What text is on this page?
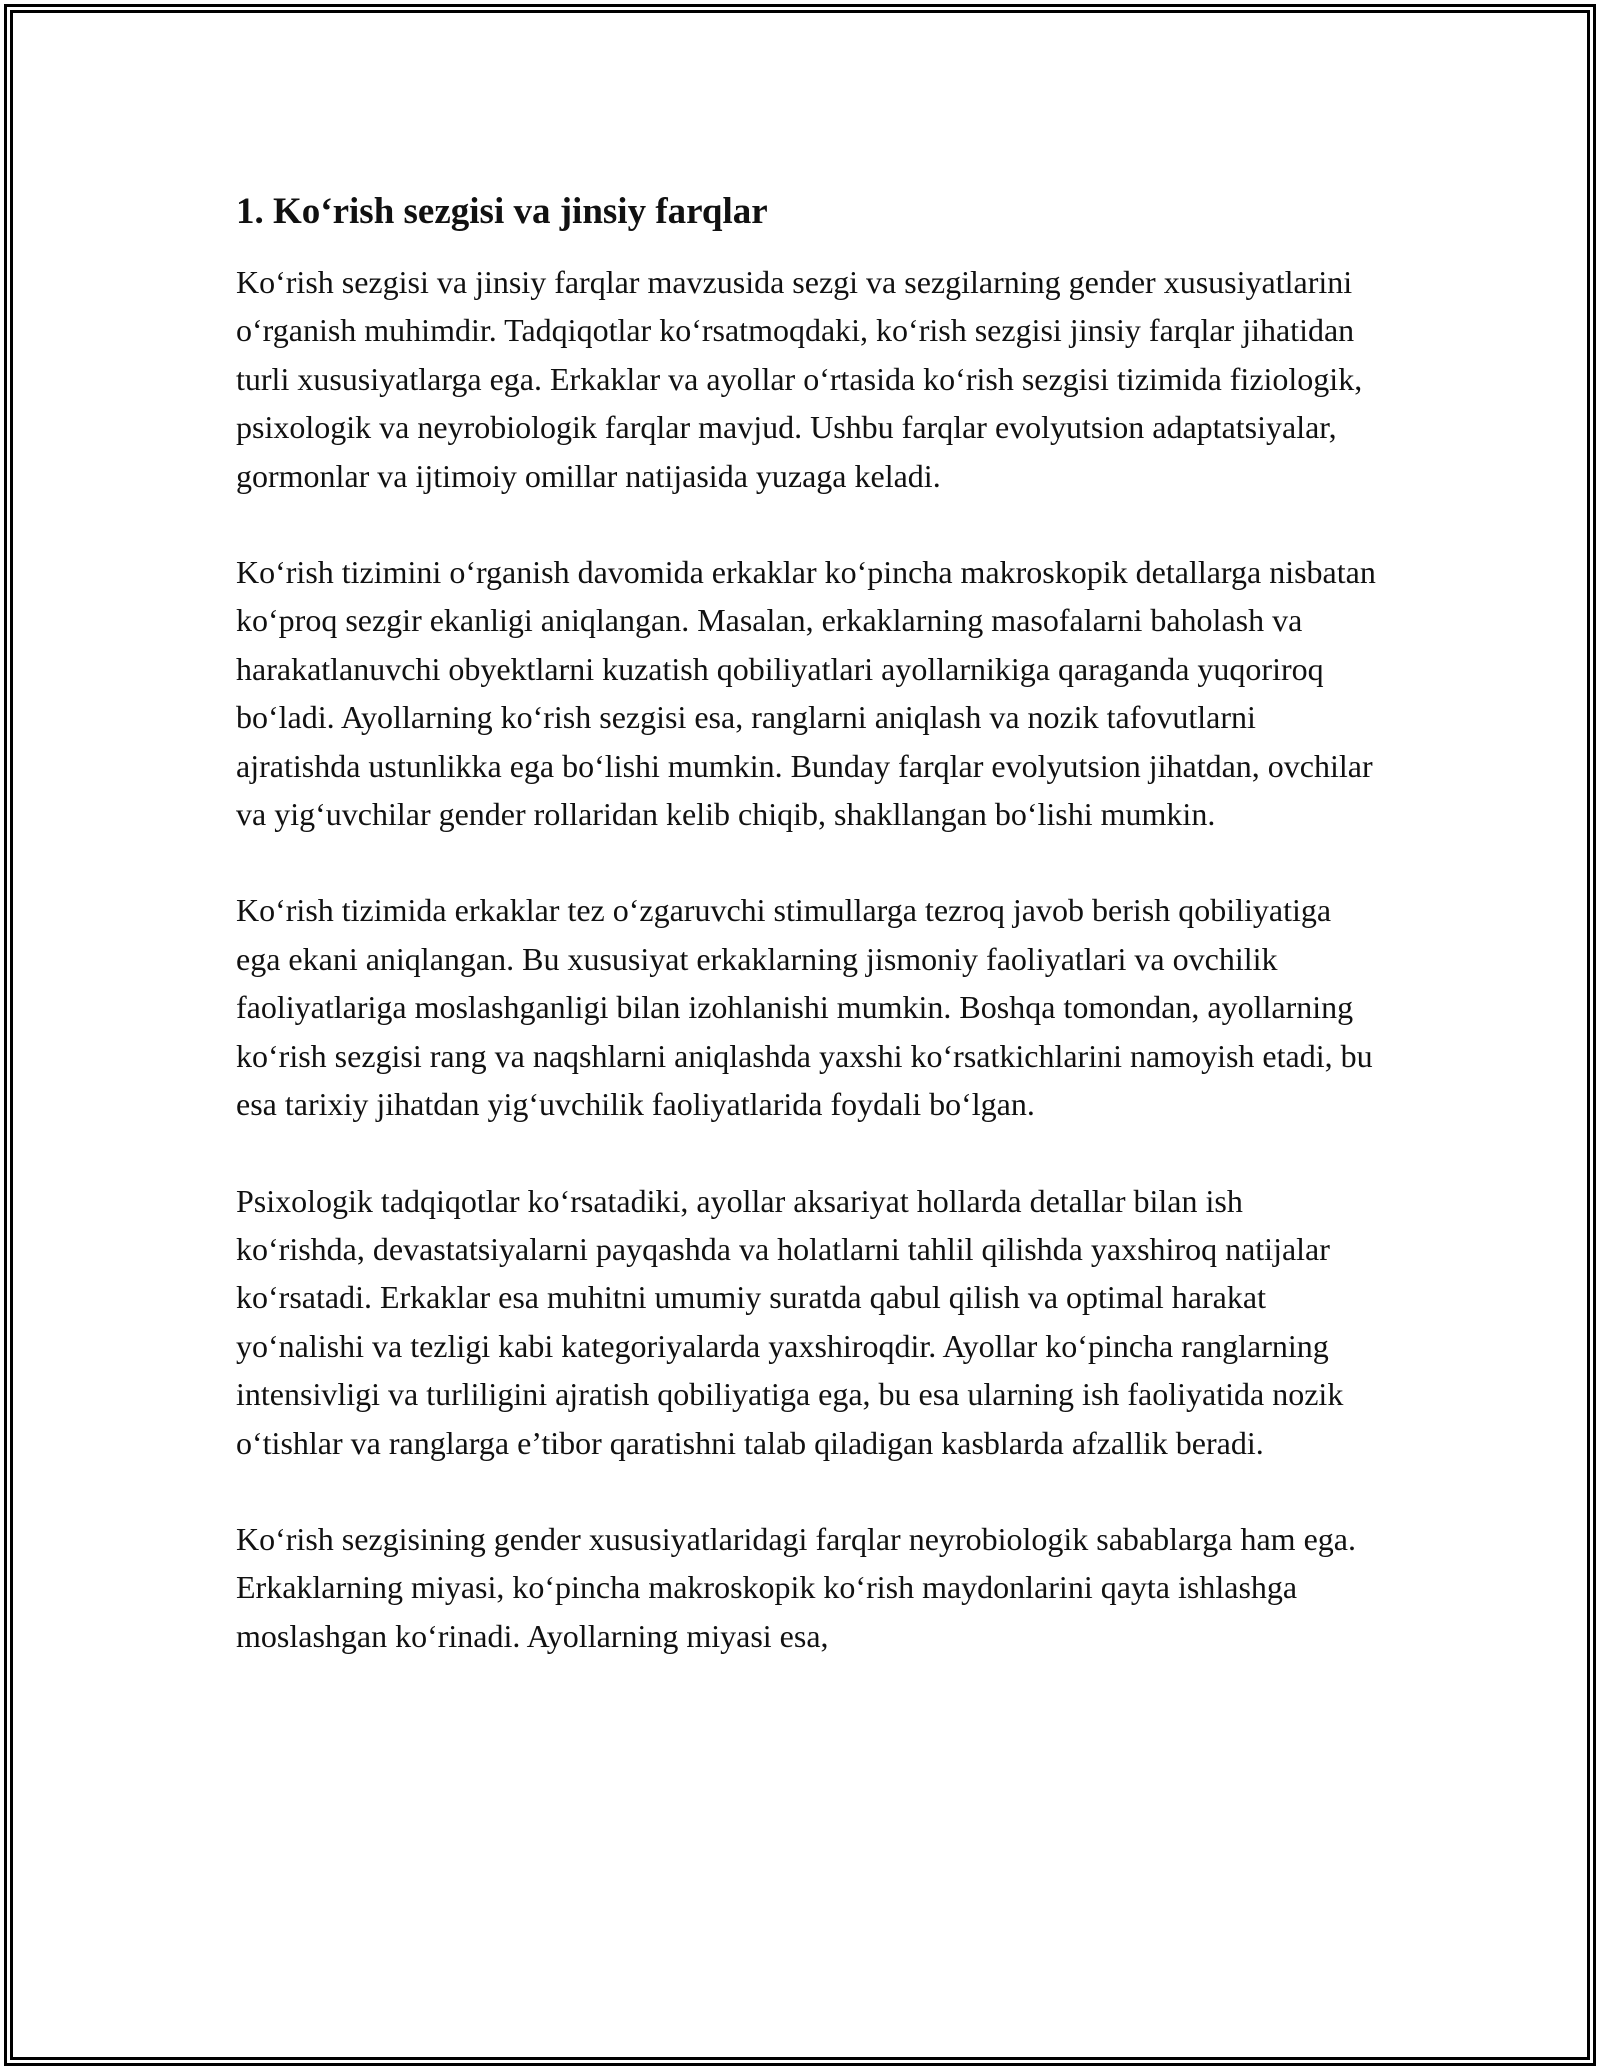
1. Ko‘rish sezgisi va jinsiy farqlar

Ko‘rish sezgisi va jinsiy farqlar mavzusida sezgi va sezgilarning gender xususiyatlarini o‘rganish muhimdir. Tadqiqotlar ko‘rsatmoqdaki, ko‘rish sezgisi jinsiy farqlar jihatidan turli xususiyatlarga ega. Erkaklar va ayollar o‘rtasida ko‘rish sezgisi tizimida fiziologik, psixologik va neyrobiologik farqlar mavjud. Ushbu farqlar evolyutsion adaptatsiyalar, gormonlar va ijtimoiy omillar natijasida yuzaga keladi.

Ko‘rish tizimini o‘rganish davomida erkaklar ko‘pincha makroskopik detallarga nisbatan ko‘proq sezgir ekanligi aniqlangan. Masalan, erkaklarning masofalarni baholash va harakatlanuvchi obyektlarni kuzatish qobiliyatlari ayollarnikiga qaraganda yuqoriroq bo‘ladi. Ayollarning ko‘rish sezgisi esa, ranglarni aniqlash va nozik tafovutlarni ajratishda ustunlikka ega bo‘lishi mumkin. Bunday farqlar evolyutsion jihatdan, ovchilar va yig‘uvchilar gender rollaridan kelib chiqib, shakllangan bo‘lishi mumkin.

Ko‘rish tizimida erkaklar tez o‘zgaruvchi stimullarga tezroq javob berish qobiliyatiga ega ekani aniqlangan. Bu xususiyat erkaklarning jismoniy faoliyatlari va ovchilik faoliyatlariga moslashganligi bilan izohlanishi mumkin. Boshqa tomondan, ayollarning ko‘rish sezgisi rang va naqshlarni aniqlashda yaxshi ko‘rsatkichlarini namoyish etadi, bu esa tarixiy jihatdan yig‘uvchilik faoliyatlarida foydali bo‘lgan.

Psixologik tadqiqotlar ko‘rsatadiki, ayollar aksariyat hollarda detallar bilan ish ko‘rishda, devastatsiyalarni payqashda va holatlarni tahlil qilishda yaxshiroq natijalar ko‘rsatadi. Erkaklar esa muhitni umumiy suratda qabul qilish va optimal harakat yo‘nalishi va tezligi kabi kategoriyalarda yaxshiroqdir. Ayollar ko‘pincha ranglarning intensivligi va turliligini ajratish qobiliyatiga ega, bu esa ularning ish faoliyatida nozik o‘tishlar va ranglarga e’tibor qaratishni talab qiladigan kasblarda afzallik beradi.

Ko‘rish sezgisining gender xususiyatlaridagi farqlar neyrobiologik sabablarga ham ega. Erkaklarning miyasi, ko‘pincha makroskopik ko‘rish maydonlarini qayta ishlashga moslashgan ko‘rinadi. Ayollarning miyasi esa,
